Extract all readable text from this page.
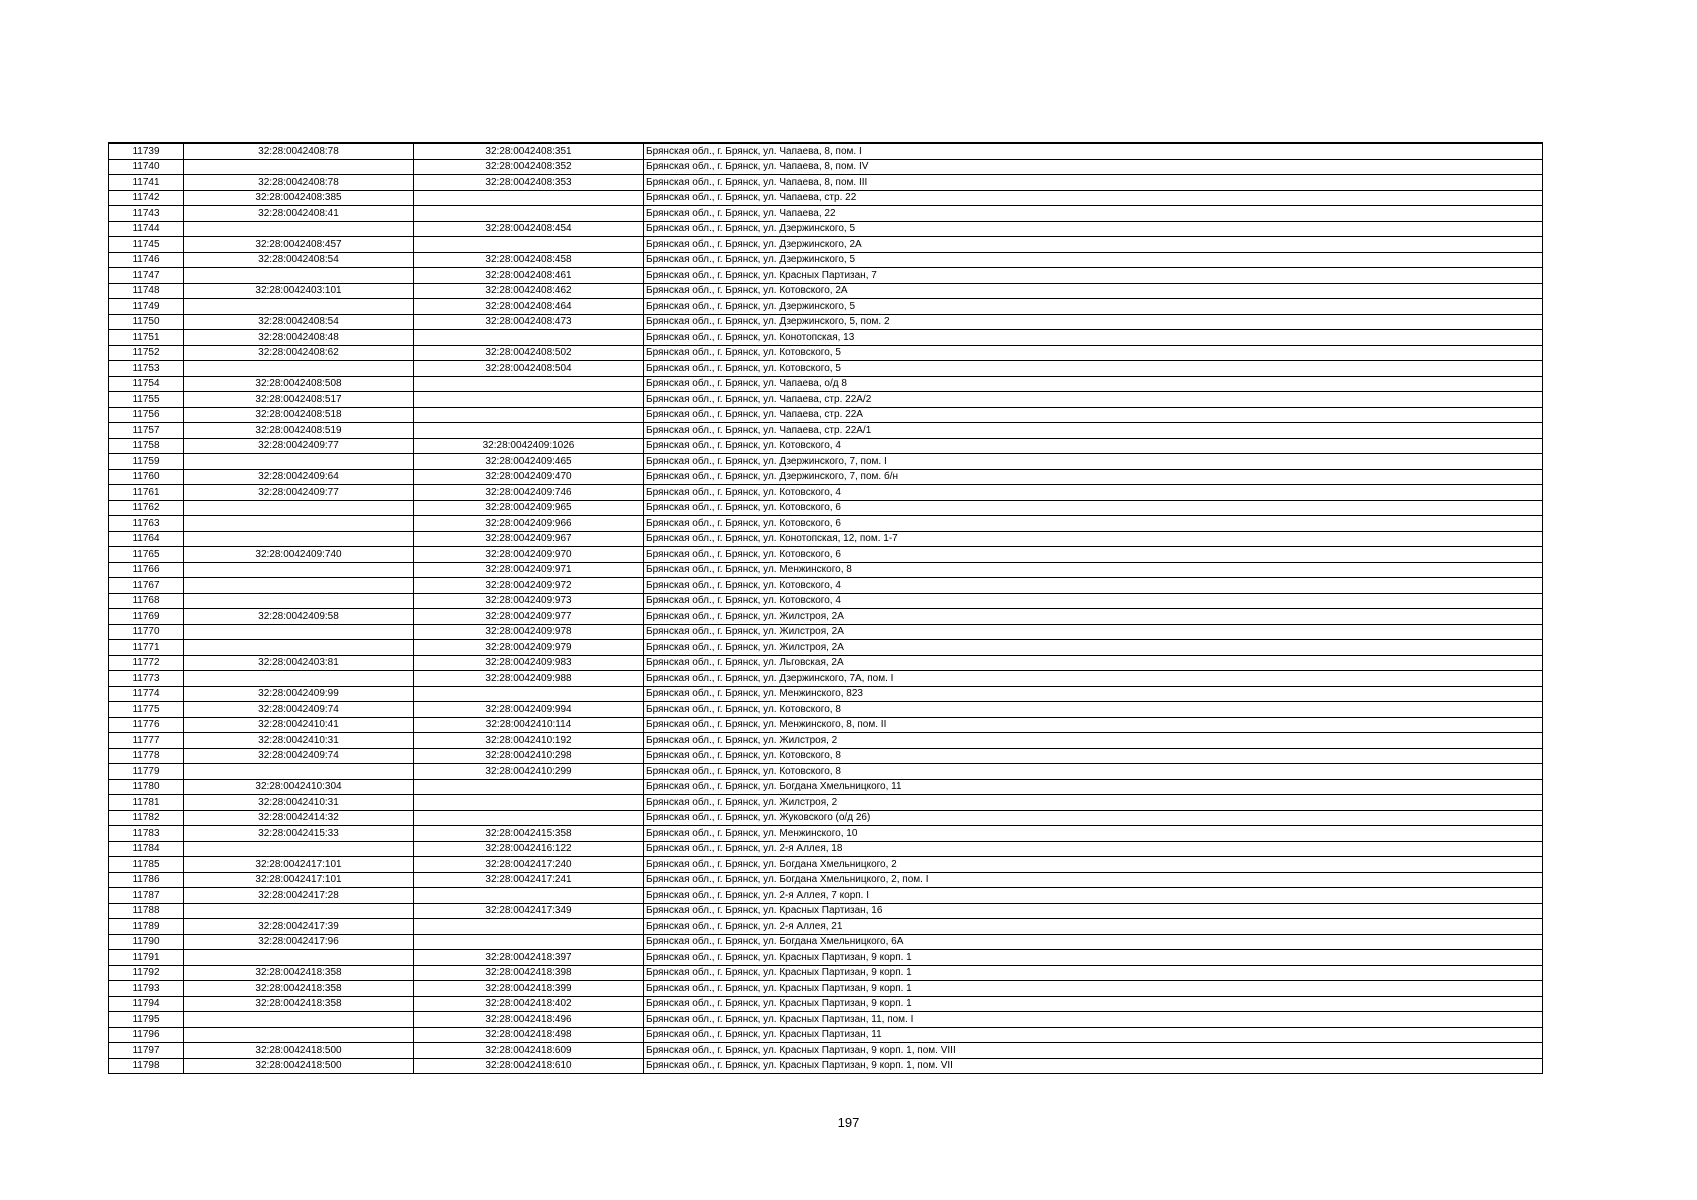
11739	32:28:0042408:78	32:28:0042408:351	Брянская обл., г. Брянск, ул. Чапаева, 8, пом. I
11740		32:28:0042408:352	Брянская обл., г. Брянск, ул. Чапаева, 8, пом. IV
11741	32:28:0042408:78	32:28:0042408:353	Брянская обл., г. Брянск, ул. Чапаева, 8, пом. III
11742	32:28:0042408:385		Брянская обл., г. Брянск, ул. Чапаева, стр. 22
11743	32:28:0042408:41		Брянская обл., г. Брянск, ул. Чапаева, 22
11744		32:28:0042408:454	Брянская обл., г. Брянск, ул. Дзержинского, 5
11745	32:28:0042408:457		Брянская обл., г. Брянск, ул. Дзержинского, 2А
11746	32:28:0042408:54	32:28:0042408:458	Брянская обл., г. Брянск, ул. Дзержинского, 5
11747		32:28:0042408:461	Брянская обл., г. Брянск, ул. Красных Партизан, 7
11748	32:28:0042403:101	32:28:0042408:462	Брянская обл., г. Брянск, ул. Котовского, 2А
11749		32:28:0042408:464	Брянская обл., г. Брянск, ул. Дзержинского, 5
11750	32:28:0042408:54	32:28:0042408:473	Брянская обл., г. Брянск, ул. Дзержинского, 5, пом. 2
11751	32:28:0042408:48		Брянская обл., г. Брянск, ул. Конотопская, 13
11752	32:28:0042408:62	32:28:0042408:502	Брянская обл., г. Брянск, ул. Котовского, 5
11753		32:28:0042408:504	Брянская обл., г. Брянск, ул. Котовского, 5
11754	32:28:0042408:508		Брянская обл., г. Брянск, ул. Чапаева, о/д 8
11755	32:28:0042408:517		Брянская обл., г. Брянск, ул. Чапаева, стр. 22А/2
11756	32:28:0042408:518		Брянская обл., г. Брянск, ул. Чапаева, стр. 22А
11757	32:28:0042408:519		Брянская обл., г. Брянск, ул. Чапаева, стр. 22А/1
11758	32:28:0042409:77	32:28:0042409:1026	Брянская обл., г. Брянск, ул. Котовского, 4
11759		32:28:0042409:465	Брянская обл., г. Брянск, ул. Дзержинского, 7, пом. I
11760	32:28:0042409:64	32:28:0042409:470	Брянская обл., г. Брянск, ул. Дзержинского, 7, пом. б/н
11761	32:28:0042409:77	32:28:0042409:746	Брянская обл., г. Брянск, ул. Котовского, 4
11762		32:28:0042409:965	Брянская обл., г. Брянск, ул. Котовского, 6
11763		32:28:0042409:966	Брянская обл., г. Брянск, ул. Котовского, 6
11764		32:28:0042409:967	Брянская обл., г. Брянск, ул. Конотопская, 12, пом. 1-7
11765	32:28:0042409:740	32:28:0042409:970	Брянская обл., г. Брянск, ул. Котовского, 6
11766		32:28:0042409:971	Брянская обл., г. Брянск, ул. Менжинского, 8
11767		32:28:0042409:972	Брянская обл., г. Брянск, ул. Котовского, 4
11768		32:28:0042409:973	Брянская обл., г. Брянск, ул. Котовского, 4
11769	32:28:0042409:58	32:28:0042409:977	Брянская обл., г. Брянск, ул. Жилстроя, 2А
11770		32:28:0042409:978	Брянская обл., г. Брянск, ул. Жилстроя, 2А
11771		32:28:0042409:979	Брянская обл., г. Брянск, ул. Жилстроя, 2А
11772	32:28:0042403:81	32:28:0042409:983	Брянская обл., г. Брянск, ул. Льговская, 2А
11773		32:28:0042409:988	Брянская обл., г. Брянск, ул. Дзержинского, 7А, пом. I
11774	32:28:0042409:99		Брянская обл., г. Брянск, ул. Менжинского, 823
11775	32:28:0042409:74	32:28:0042409:994	Брянская обл., г. Брянск, ул. Котовского, 8
11776	32:28:0042410:41	32:28:0042410:114	Брянская обл., г. Брянск, ул. Менжинского, 8, пом. II
11777	32:28:0042410:31	32:28:0042410:192	Брянская обл., г. Брянск, ул. Жилстроя, 2
11778	32:28:0042409:74	32:28:0042410:298	Брянская обл., г. Брянск, ул. Котовского, 8
11779		32:28:0042410:299	Брянская обл., г. Брянск, ул. Котовского, 8
11780	32:28:0042410:304		Брянская обл., г. Брянск, ул. Богдана Хмельницкого, 11
11781	32:28:0042410:31		Брянская обл., г. Брянск, ул. Жилстроя, 2
11782	32:28:0042414:32		Брянская обл., г. Брянск, ул. Жуковского (о/д 26)
11783	32:28:0042415:33	32:28:0042415:358	Брянская обл., г. Брянск, ул. Менжинского, 10
11784		32:28:0042416:122	Брянская обл., г. Брянск, ул. 2-я Аллея, 18
11785	32:28:0042417:101	32:28:0042417:240	Брянская обл., г. Брянск, ул. Богдана Хмельницкого, 2
11786	32:28:0042417:101	32:28:0042417:241	Брянская обл., г. Брянск, ул. Богдана Хмельницкого, 2, пом. I
11787	32:28:0042417:28		Брянская обл., г. Брянск, ул. 2-я Аллея, 7 корп. I
11788		32:28:0042417:349	Брянская обл., г. Брянск, ул. Красных Партизан, 16
11789	32:28:0042417:39		Брянская обл., г. Брянск, ул. 2-я Аллея, 21
11790	32:28:0042417:96		Брянская обл., г. Брянск, ул. Богдана Хмельницкого, 6А
11791		32:28:0042418:397	Брянская обл., г. Брянск, ул. Красных Партизан, 9 корп. 1
11792	32:28:0042418:358	32:28:0042418:398	Брянская обл., г. Брянск, ул. Красных Партизан, 9 корп. 1
11793	32:28:0042418:358	32:28:0042418:399	Брянская обл., г. Брянск, ул. Красных Партизан, 9 корп. 1
11794	32:28:0042418:358	32:28:0042418:402	Брянская обл., г. Брянск, ул. Красных Партизан, 9 корп. 1
11795		32:28:0042418:496	Брянская обл., г. Брянск, ул. Красных Партизан, 11, пом. I
11796		32:28:0042418:498	Брянская обл., г. Брянск, ул. Красных Партизан, 11
11797	32:28:0042418:500	32:28:0042418:609	Брянская обл., г. Брянск, ул. Красных Партизан, 9 корп. 1, пом. VIII
11798	32:28:0042418:500	32:28:0042418:610	Брянская обл., г. Брянск, ул. Красных Партизан, 9 корп. 1, пом. VII
197
